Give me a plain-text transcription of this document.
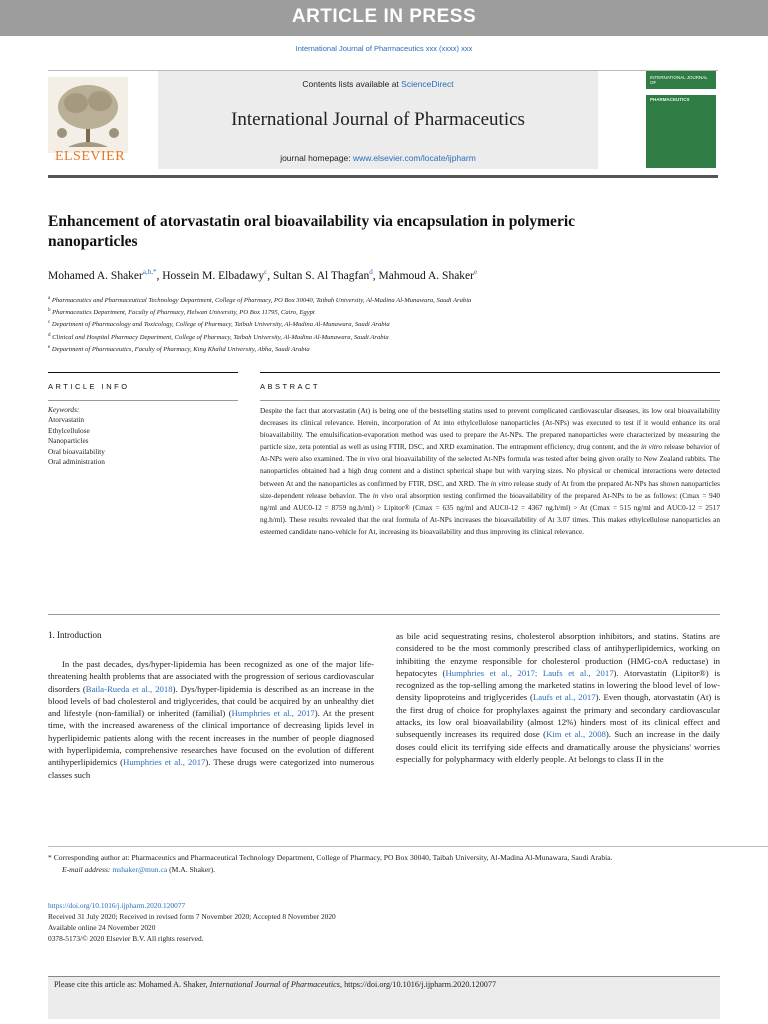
ARTICLE IN PRESS
International Journal of Pharmaceutics xxx (xxxx) xxx
ELSEVIER
Contents lists available at ScienceDirect
International Journal of Pharmaceutics
journal homepage: www.elsevier.com/locate/ijpharm
INTERNATIONAL JOURNAL OF
PHARMACEUTICS
Enhancement of atorvastatin oral bioavailability via encapsulation in polymeric nanoparticles
Mohamed A. Shaker$^{a,b,*}$, Hossein M. Elbadawy$^c$, Sultan S. Al Thagfan$^d$, Mahmoud A. Shaker$^e$
$^a$ Pharmaceutics and Pharmaceutical Technology Department, College of Pharmacy, PO Box 30040, Taibah University, Al-Madina Al-Munawara, Saudi Arabia
$^b$ Pharmaceutics Department, Faculty of Pharmacy, Helwan University, PO Box 11795, Cairo, Egypt
$^c$ Department of Pharmacology and Toxicology, College of Pharmacy, Taibah University, Al-Madina Al-Munawara, Saudi Arabia
$^d$ Clinical and Hospital Pharmacy Department, College of Pharmacy, Taibah University, Al-Madina Al-Munawara, Saudi Arabia
$^e$ Department of Pharmaceutics, Faculty of Pharmacy, King Khalid University, Abha, Saudi Arabia
ARTICLE INFO	ABSTRACT
Keywords:
Atorvastatin
Ethylcellulose
Nanoparticles
Oral bioavailability
Oral administration
Despite the fact that atorvastatin (At) is being one of the bestselling statins used to prevent complicated cardiovascular diseases, its low oral bioavailability decreases its clinical relevance. Herein, incorporation of At into ethylcellulose nanoparticles (At-NPs) was executed to test if it would enhance its oral bioavailability. The emulsification-evaporation method was used to prepare the At-NPs. The prepared nanoparticles were characterized by measuring the particle size, zeta potential as well as using FTIR, DSC, and XRD examination. The entrapment efficiency, drug content, and the in vitro release behavior of At-NPs were also examined. The in vivo oral bioavailability of the selected At-NPs formula was tested after being given orally to New Zealand rabbits. The nanoparticles obtained had a high drug content and a distinct spherical shape but with varying sizes. No physical or chemical interactions were detected between At and the nanoparticles as confirmed by FTIR, DSC, and XRD. The in vitro release study of At from the prepared At-NPs has shown nanoparticles size-dependent release behavior. The in vivo oral absorption testing confirmed the bioavailability of the prepared At-NPs to be as follows: (Cmax = 940 ng/ml and AUC0-12 = 8759 ng.h/ml) > Lipitor® (Cmax = 635 ng/ml and AUC0-12 = 4367 ng.h/ml) > At (Cmax = 515 ng/ml and AUC0-12 = 2517 ng.h/ml). These results revealed that the oral formula of At-NPs increases the bioavailability of At 3.07 times. This makes ethylcellulose nanoparticles an esteemed candidate nano-vehicle for At, increasing its bioavailability and thus improving its clinical relevance.
1. Introduction
In the past decades, dys/hyper-lipidemia has been recognized as one of the major life-threatening health problems that are associated with the progression of serious cardiovascular disorders (Baila-Rueda et al., 2018). Dys/hyper-lipidemia is described as an increase in the blood levels of bad cholesterol and triglycerides, that could be acquired by an unhealthy diet and lifestyle (non-familial) or inherited (familial) (Humphries et al., 2017). At the present time, with the increased awareness of the clinical importance of decreasing lipids level in hyperlipidemic patients along with the recent increases in the number of people diagnosed with hyperlipidemia, comprehensive researches have focused on the evolution of different antihyperlipidemics (Humphries et al., 2017). These drugs were categorized into numerous classes such
as bile acid sequestrating resins, cholesterol absorption inhibitors, and statins. Statins are considered to be the most commonly prescribed class of antihyperlipidemics, working on inhibiting the enzyme responsible for cholesterol production (HMG-coA reductase) in hepatocytes (Humphries et al., 2017; Laufs et al., 2017). Atorvastatin (Lipitor®) is recognized as the top-selling among the marketed statins in lowering the blood level of low-density lipoproteins and triglycerides (Laufs et al., 2017). Even though, atorvastatin (At) is the first drug of choice for prophylaxes against the primary and secondary cardiovascular attacks, its low oral bioavailability (almost 12%) hinders most of its clinical effect and subsequently increases its required dose (Kim et al., 2008). Such an increase in the daily doses could elicit its terrifying side effects and dramatically arouse the physicians' worries especially for polypharmacy with elderly people. At belongs to class II in the
* Corresponding author at: Pharmaceutics and Pharmaceutical Technology Department, College of Pharmacy, PO Box 30040, Taibah University, Al-Madina Al-Munawara, Saudi Arabia.
E-mail address: mshaker@mun.ca (M.A. Shaker).
https://doi.org/10.1016/j.ijpharm.2020.120077
Received 31 July 2020; Received in revised form 7 November 2020; Accepted 8 November 2020
Available online 24 November 2020
0378-5173/© 2020 Elsevier B.V. All rights reserved.
Please cite this article as: Mohamed A. Shaker, International Journal of Pharmaceutics, https://doi.org/10.1016/j.ijpharm.2020.120077
